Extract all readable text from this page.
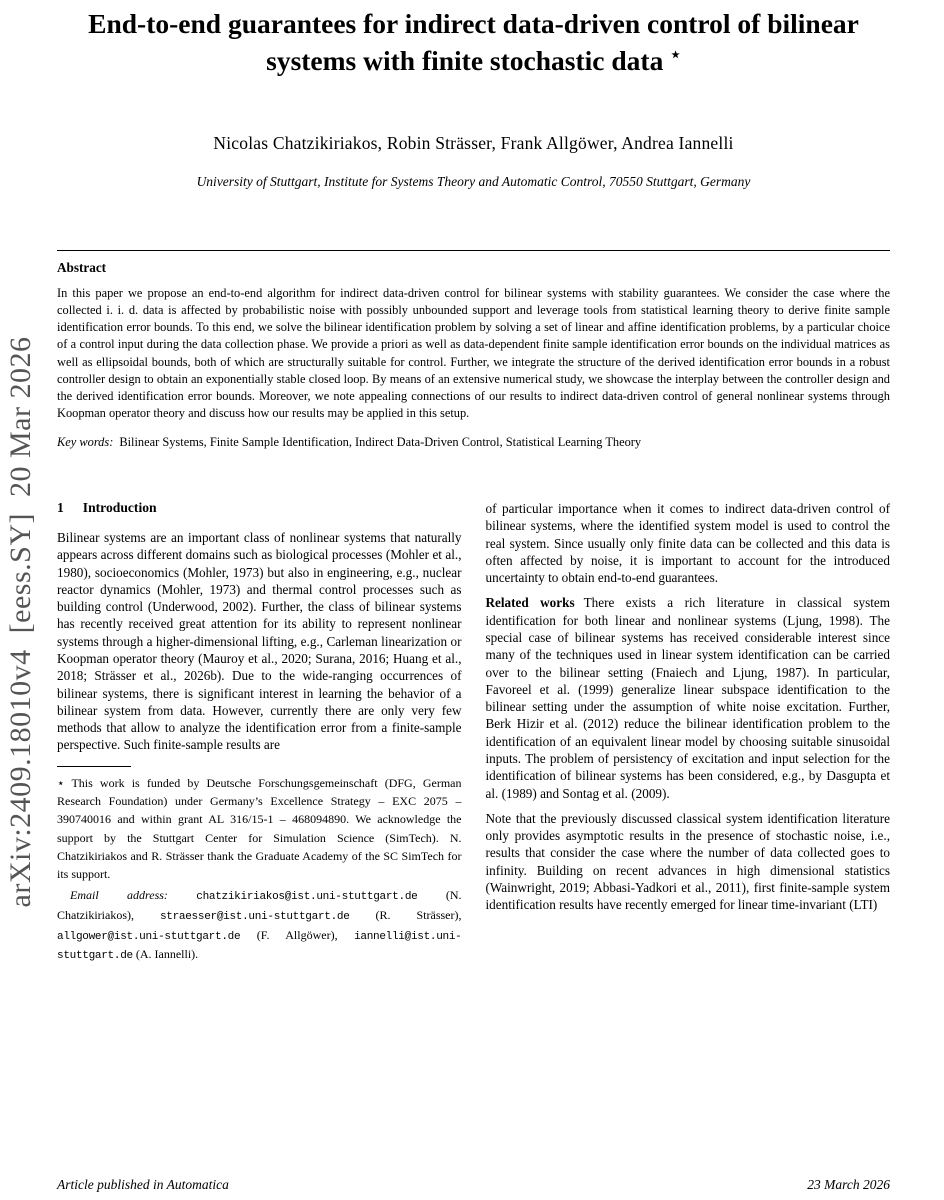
arXiv:2409.18010v4  [eess.SY]  20 Mar 2026
End-to-end guarantees for indirect data-driven control of bilinear systems with finite stochastic data ⋆
Nicolas Chatzikiriakos, Robin Strässer, Frank Allgöwer, Andrea Iannelli
University of Stuttgart, Institute for Systems Theory and Automatic Control, 70550 Stuttgart, Germany
Abstract

In this paper we propose an end-to-end algorithm for indirect data-driven control for bilinear systems with stability guarantees. We consider the case where the collected i. i. d. data is affected by probabilistic noise with possibly unbounded support and leverage tools from statistical learning theory to derive finite sample identification error bounds. To this end, we solve the bilinear identification problem by solving a set of linear and affine identification problems, by a particular choice of a control input during the data collection phase. We provide a priori as well as data-dependent finite sample identification error bounds on the individual matrices as well as ellipsoidal bounds, both of which are structurally suitable for control. Further, we integrate the structure of the derived identification error bounds in a robust controller design to obtain an exponentially stable closed loop. By means of an extensive numerical study, we showcase the interplay between the controller design and the derived identification error bounds. Moreover, we note appealing connections of our results to indirect data-driven control of general nonlinear systems through Koopman operator theory and discuss how our results may be applied in this setup.

Key words: Bilinear Systems, Finite Sample Identification, Indirect Data-Driven Control, Statistical Learning Theory

1 Introduction

Bilinear systems are an important class of nonlinear systems that naturally appears across different domains such as biological processes (Mohler et al., 1980), socioeconomics (Mohler, 1973) but also in engineering, e.g., nuclear reactor dynamics (Mohler, 1973) and thermal control processes such as building control (Underwood, 2002). Further, the class of bilinear systems has recently received great attention for its ability to represent nonlinear systems through a higher-dimensional lifting, e.g., Carleman linearization or Koopman operator theory (Mauroy et al., 2020; Surana, 2016; Huang et al., 2018; Strässer et al., 2026b). Due to the wide-ranging occurrences of bilinear systems, there is significant interest in learning the behavior of a bilinear system from data. However, currently there are only very few methods that allow to analyze the identification error from a finite-sample perspective. Such finite-sample results are

⋆ This work is funded by Deutsche Forschungsgemeinschaft (DFG, German Research Foundation) under Germany’s Excellence Strategy – EXC 2075 – 390740016 and within grant AL 316/15-1 – 468094890. We acknowledge the support by the Stuttgart Center for Simulation Science (SimTech). N. Chatzikiriakos and R. Strässer thank the Graduate Academy of the SC SimTech for its support.

Email address:	chatzikiriakos@ist.uni-stuttgart.de (N. Chatzikiriakos), straesser@ist.uni-stuttgart.de (R. Strässer), allgower@ist.uni-stuttgart.de (F. Allgöwer), iannelli@ist.uni-stuttgart.de (A. Iannelli).

of particular importance when it comes to indirect data-driven control of bilinear systems, where the identified system model is used to control the real system. Since usually only finite data can be collected and this data is often affected by noise, it is important to account for the introduced uncertainty to obtain end-to-end guarantees.

Related works There exists a rich literature in classical system identification for both linear and nonlinear systems (Ljung, 1998). The special case of bilinear systems has received considerable interest since many of the techniques used in linear system identification can be carried over to the bilinear setting (Fnaiech and Ljung, 1987). In particular, Favoreel et al. (1999) generalize linear subspace identification to the bilinear setting under the assumption of white noise excitation. Further, Berk Hizir et al. (2012) reduce the bilinear identification problem to the identification of an equivalent linear model by choosing suitable sinusoidal inputs. The problem of persistency of excitation and input selection for the identification of bilinear systems has been considered, e.g., by Dasgupta et al. (1989) and Sontag et al. (2009).

Note that the previously discussed classical system identification literature only provides asymptotic results in the presence of stochastic noise, i.e., results that consider the case where the number of data collected goes to infinity. Building on recent advances in high dimensional statistics (Wainwright, 2019; Abbasi-Yadkori et al., 2011), first finite-sample system identification results have recently emerged for linear time-invariant (LTI)

Article published in Automatica	23 March 2026
